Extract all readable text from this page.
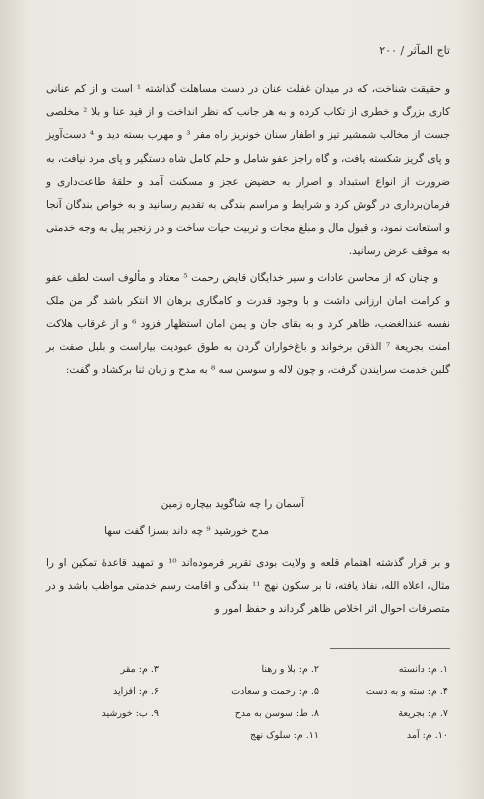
تاج المآثر / ۲۰۰

و حقیقت شناخت، که در میدان غفلت عنان در دست مساهلت گذاشته ¹ است و از کم عنانی کاری بزرگ و خطری از تکاب کرده و به هر جانب که نظر انداخت و از قید عنا و بلا ² مخلصی جست از مخالب شمشیر تیز و اطفار سنان خونریز راه مفر ³ و مهرب بسته دید و ⁴ دست‌آویز و پای گریز شکسته یافت، و گاه راجز عفو شامل و حلم کامل شاه دستگیر و پای مرد نیافت، به ضرورت از انواع استبداد و اصرار به حضیض عجز و مسکنت آمد و حلقهٔ طاعت‌داری و فرمان‌برداری در گوش کرد و شرایط و مراسم بندگی به تقدیم رسانید و به خواص بندگان آنجا و استعانت نمود، و قبول مال و مبلغ مجات و تربیت حیات ساخت و در زنجیر پیل به وجه خدمتی به موقف عرض رسانید.

و چنان که از محاسن عادات و سیر خدایگان قایض رحمت ⁵ معتاد و مألوف است لطف عفو و کرامت امان ارزانی داشت و با وجود قدرت و کامگاری برهان الا انتکر باشد گر من ملک نفسه عندالغضب، ظاهر کرد و به بقای جان و یمن امان استظهار فزود ⁶ و از غرقاب هلاکت امنت بجریعة ⁷ الذقن برخواند و باغ‌خواران گردن به طوق عبودیت بیاراست و بلبل صفت بر گلبن خدمت سرایندن گرفت، و چون لاله و سوسن سه ⁸ به مدح و زبان ثنا برکشاد و گفت:

آسمان را چه شاگوید بیچاره زمین
مدح خورشید ⁹ چه داند بسزا گفت سها
و بر قرار گذشته اهتمام قلعه و ولایت بودی تقریر فرموده‌اند ¹⁰ و تمهید قاعدهٔ تمکین او را مثال، اعلاه الله، نفاذ یافته، تا بر سکون نهج ¹¹ بندگی و اقامت رسم خدمتی مواظب باشد و در متصرفات احوال اثر اخلاص ظاهر گرداند و حفظ امور و
۱. م: دانسته
۲. م: بلا و رهنا
۳. م: مقر
۴. م: سته و به دست
۵. م: رحمت و سعادت
۶. م: افزاید
۷. م: بجریعة
۸. ط: سوسن به مدح
۹. ب: خورشید
۱۰. م: آمد
۱۱. م: سلوک نهج
